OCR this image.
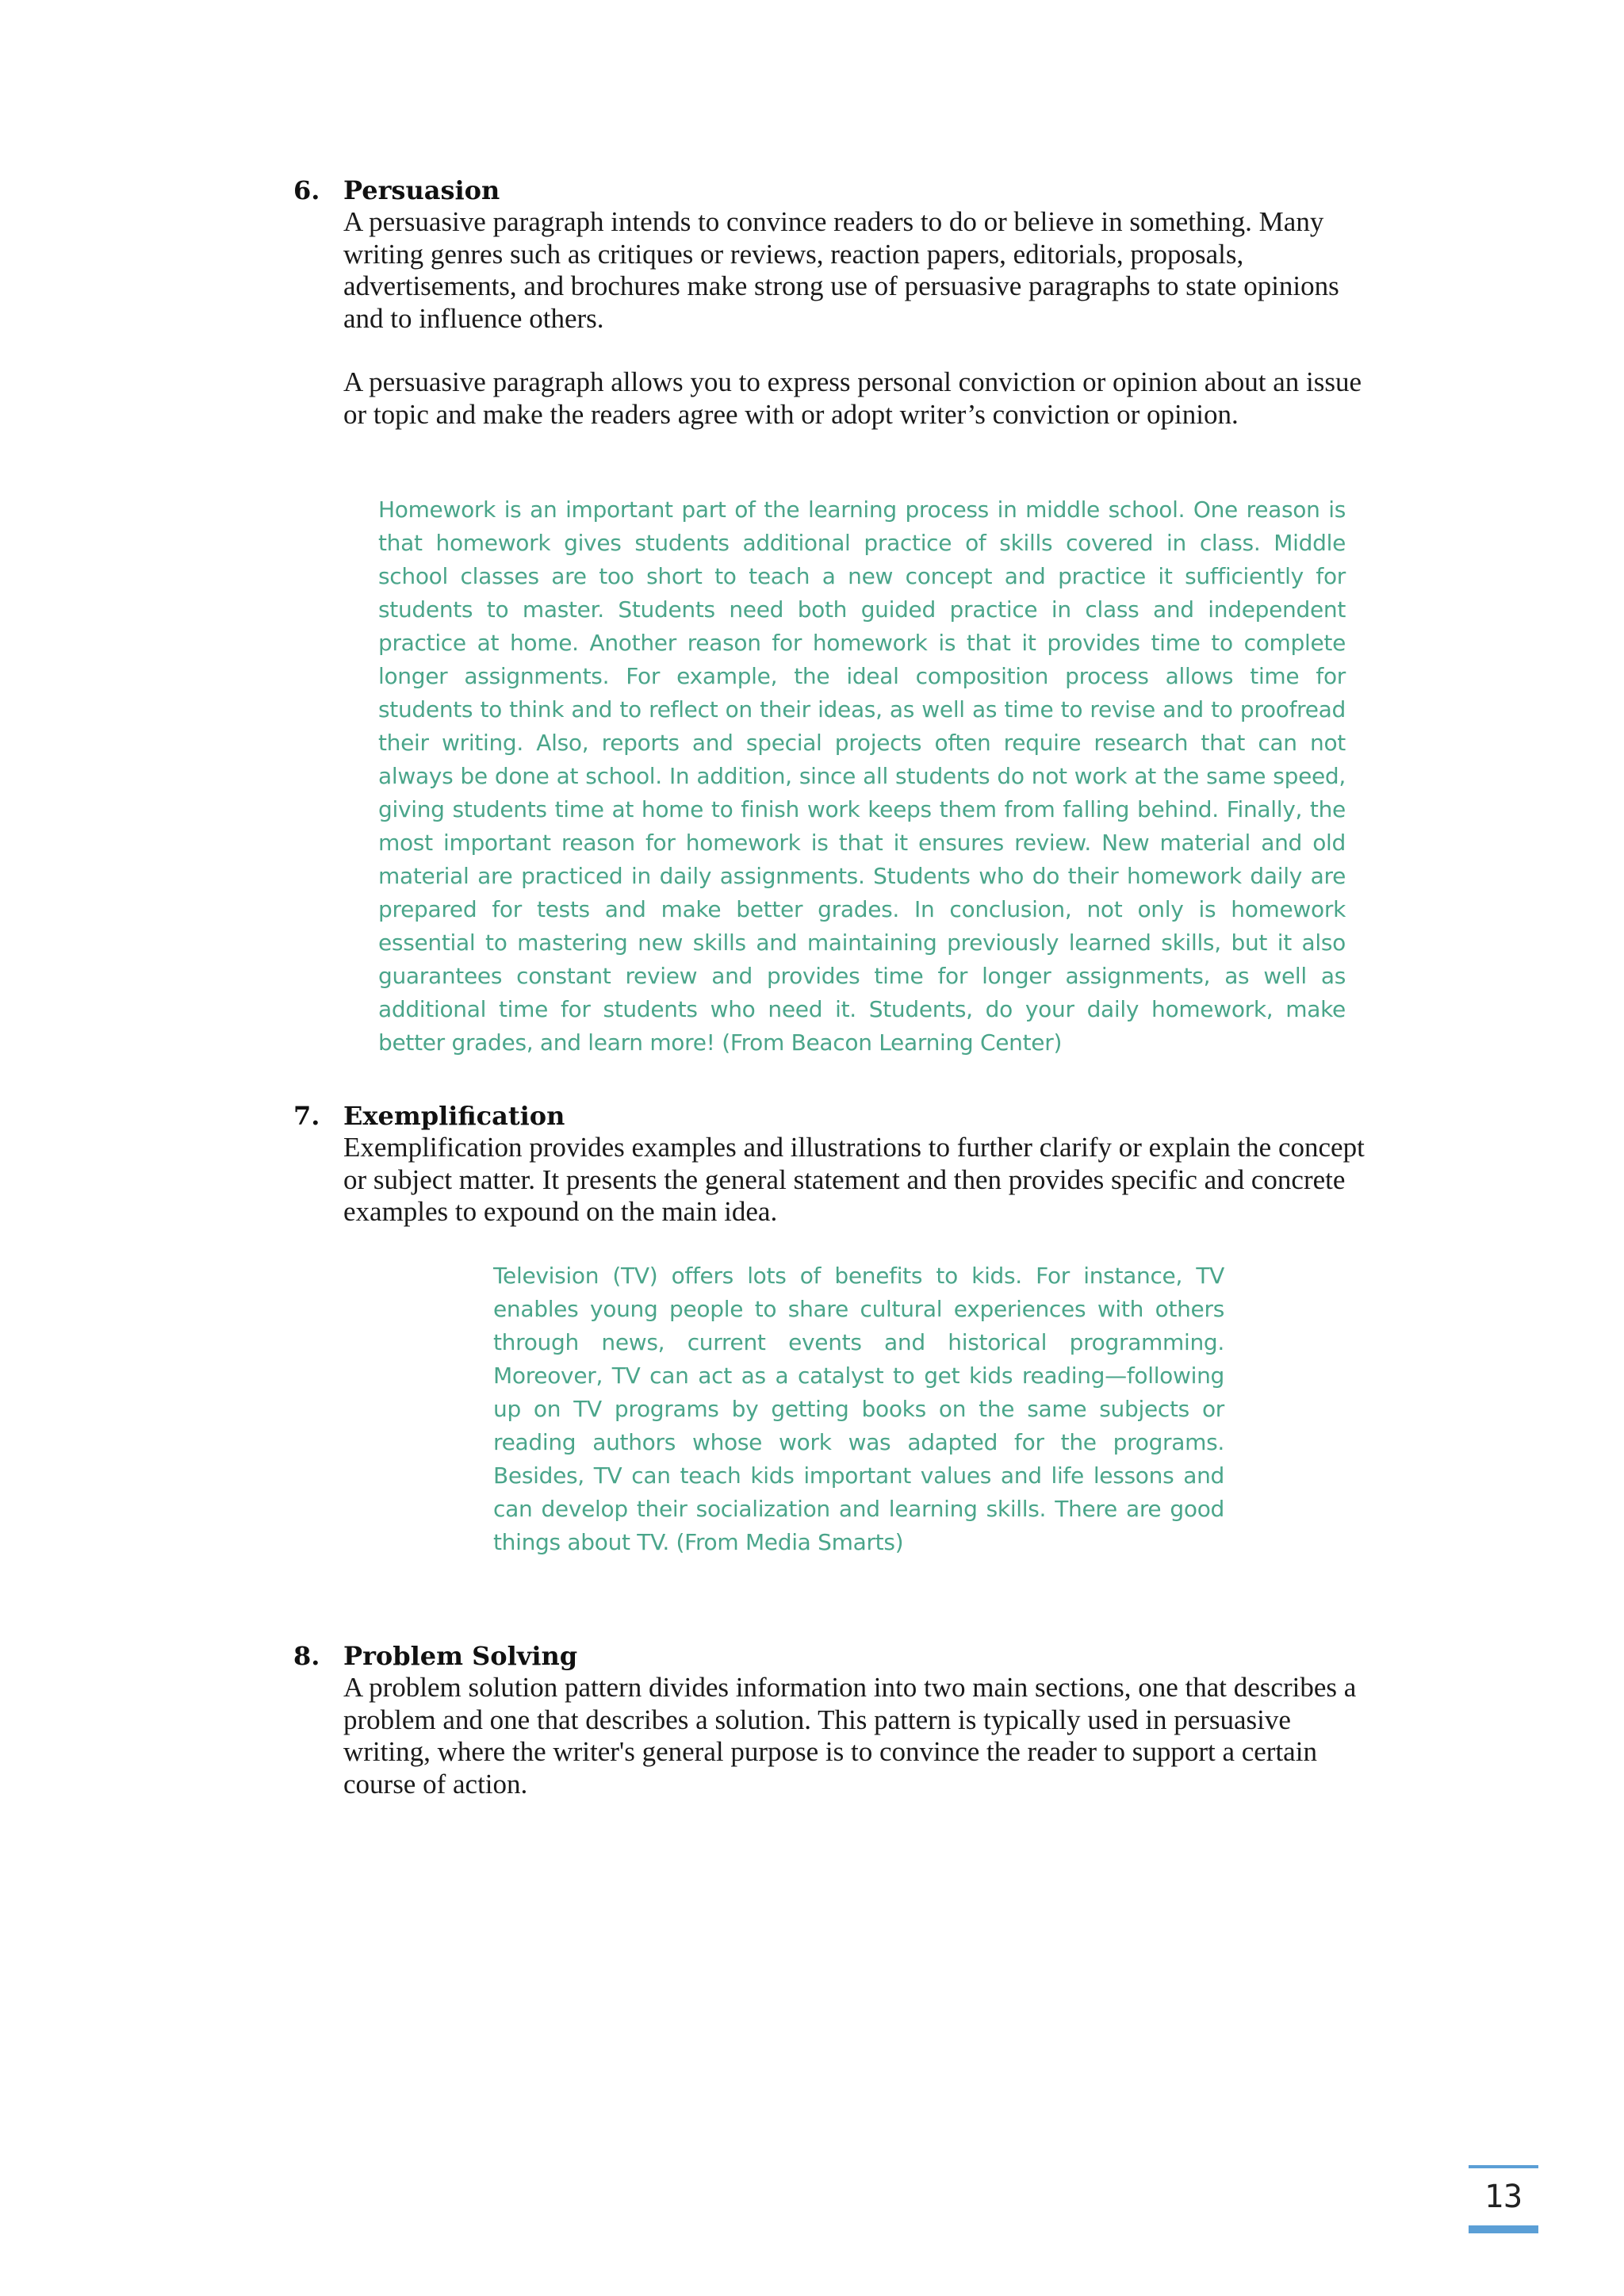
6. Persuasion

A persuasive paragraph intends to convince readers to do or believe in something. Many writing genres such as critiques or reviews, reaction papers, editorials, proposals, advertisements, and brochures make strong use of persuasive paragraphs to state opinions and to influence others.

A persuasive paragraph allows you to express personal conviction or opinion about an issue or topic and make the readers agree with or adopt writer’s conviction or opinion.

Homework is an important part of the learning process in middle school. One reason is that homework gives students additional practice of skills covered in class. Middle school classes are too short to teach a new concept and practice it sufficiently for students to master. Students need both guided practice in class and independent practice at home. Another reason for homework is that it provides time to complete longer assignments. For example, the ideal composition process allows time for students to think and to reflect on their ideas, as well as time to revise and to proofread their writing. Also, reports and special projects often require research that can not always be done at school. In addition, since all students do not work at the same speed, giving students time at home to finish work keeps them from falling behind. Finally, the most important reason for homework is that it ensures review. New material and old material are practiced in daily assignments. Students who do their homework daily are prepared for tests and make better grades. In conclusion, not only is homework essential to mastering new skills and maintaining previously learned skills, but it also guarantees constant review and provides time for longer assignments, as well as additional time for students who need it. Students, do your daily homework, make better grades, and learn more! (From Beacon Learning Center)

7. Exemplification

Exemplification provides examples and illustrations to further clarify or explain the concept or subject matter. It presents the general statement and then provides specific and concrete examples to expound on the main idea.

Television (TV) offers lots of benefits to kids. For instance, TV enables young people to share cultural experiences with others through news, current events and historical programming. Moreover, TV can act as a catalyst to get kids reading—following up on TV programs by getting books on the same subjects or reading authors whose work was adapted for the programs. Besides, TV can teach kids important values and life lessons and can develop their socialization and learning skills. There are good things about TV. (From Media Smarts)

8. Problem Solving

A problem solution pattern divides information into two main sections, one that describes a problem and one that describes a solution. This pattern is typically used in persuasive writing, where the writer's general purpose is to convince the reader to support a certain course of action.

13
